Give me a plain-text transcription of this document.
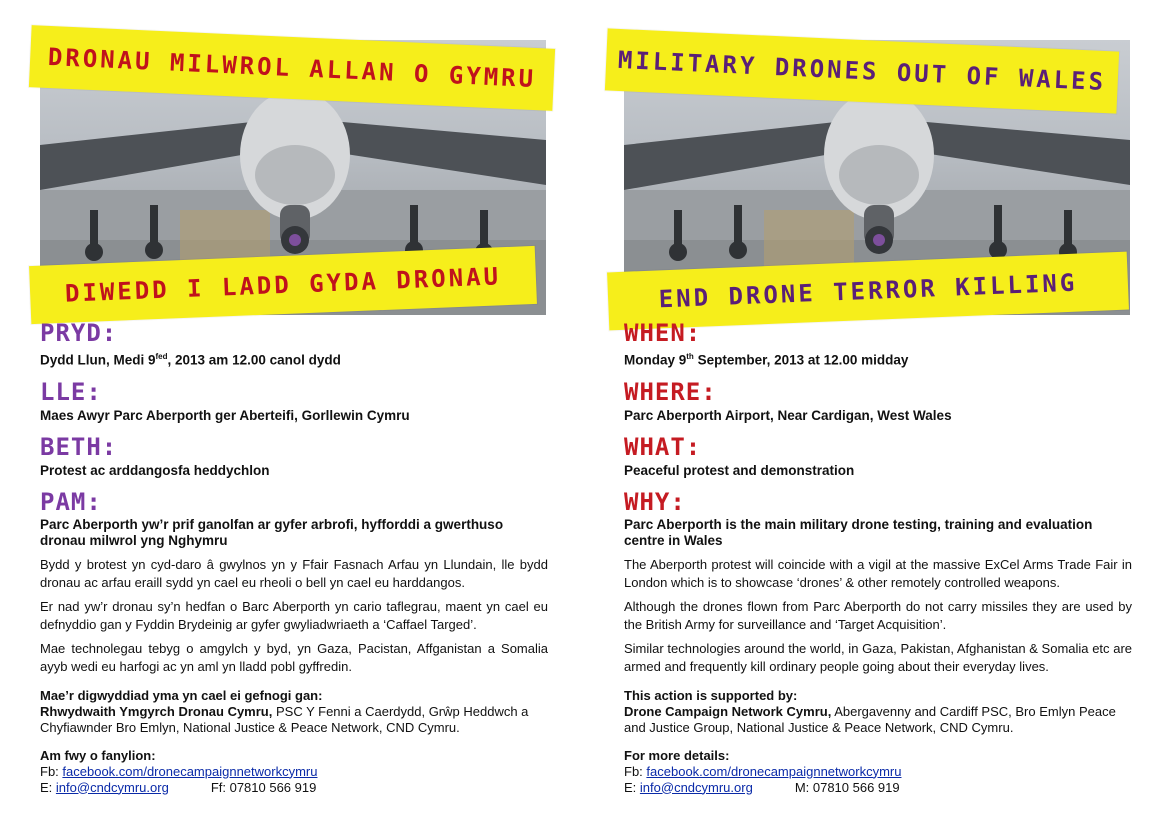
DRONAU MILWROL ALLAN O GYMRU
DIWEDD I LADD GYDA DRONAU

PRYD:

Dydd Llun, Medi $9^{fed}$, 2013 am 12.00 canol dydd

LLE:

Maes Awyr Parc Aberporth ger Aberteifi, Gorllewin Cymru

BETH:

Protest ac arddangosfa heddychlon

PAM:

Parc Aberporth yw’r prif ganolfan ar gyfer arbrofi, hyfforddi a gwerthuso dronau milwrol yng Nghymru

Bydd y brotest yn cyd-daro â gwylnos yn y Ffair Fasnach Arfau yn Llundain, lle bydd dronau ac arfau eraill sydd yn cael eu rheoli o bell yn cael eu harddangos.

Er nad yw’r dronau sy’n hedfan o Barc Aberporth yn cario taflegrau, maent yn cael eu defnyddio gan y Fyddin Brydeinig ar gyfer gwyliadwriaeth a ‘Caffael Targed’.

Mae technolegau tebyg o amgylch y byd, yn Gaza, Pacistan, Affganistan a Somalia ayyb wedi eu harfogi ac yn aml yn lladd pobl gyffredin.

Mae’r digwyddiad yma yn cael ei gefnogi gan:

Rhwydwaith Ymgyrch Dronau Cymru, PSC Y Fenni a Caerdydd, Grŵp Heddwch a Chyfiawnder Bro Emlyn, National Justice & Peace Network, CND Cymru.

Am fwy o fanylion:

Fb: facebook.com/dronecampaignnetworkcymru

E: info@cndcymru.org	Ff: 07810 566 919

MILITARY DRONES OUT OF WALES
END DRONE TERROR KILLING

WHEN:

Monday 9th September, 2013 at 12.00 midday

WHERE:

Parc Aberporth Airport, Near Cardigan, West Wales

WHAT:

Peaceful protest and demonstration

WHY:

Parc Aberporth is the main military drone testing, training and evaluation centre in Wales

The Aberporth protest will coincide with a vigil at the massive ExCel Arms Trade Fair in London which is to showcase ‘drones’ & other remotely controlled weapons.

Although the drones flown from Parc Aberporth do not carry missiles they are used by the British Army for surveillance and ‘Target Acquisition’.

Similar technologies around the world, in Gaza, Pakistan, Afghanistan & Somalia etc are armed and frequently kill ordinary people going about their everyday lives.

This action is supported by:

Drone Campaign Network Cymru, Abergavenny and Cardiff PSC, Bro Emlyn Peace and Justice Group, National Justice & Peace Network, CND Cymru.

For more details:

Fb: facebook.com/dronecampaignnetworkcymru

E: info@cndcymru.org	M: 07810 566 919
